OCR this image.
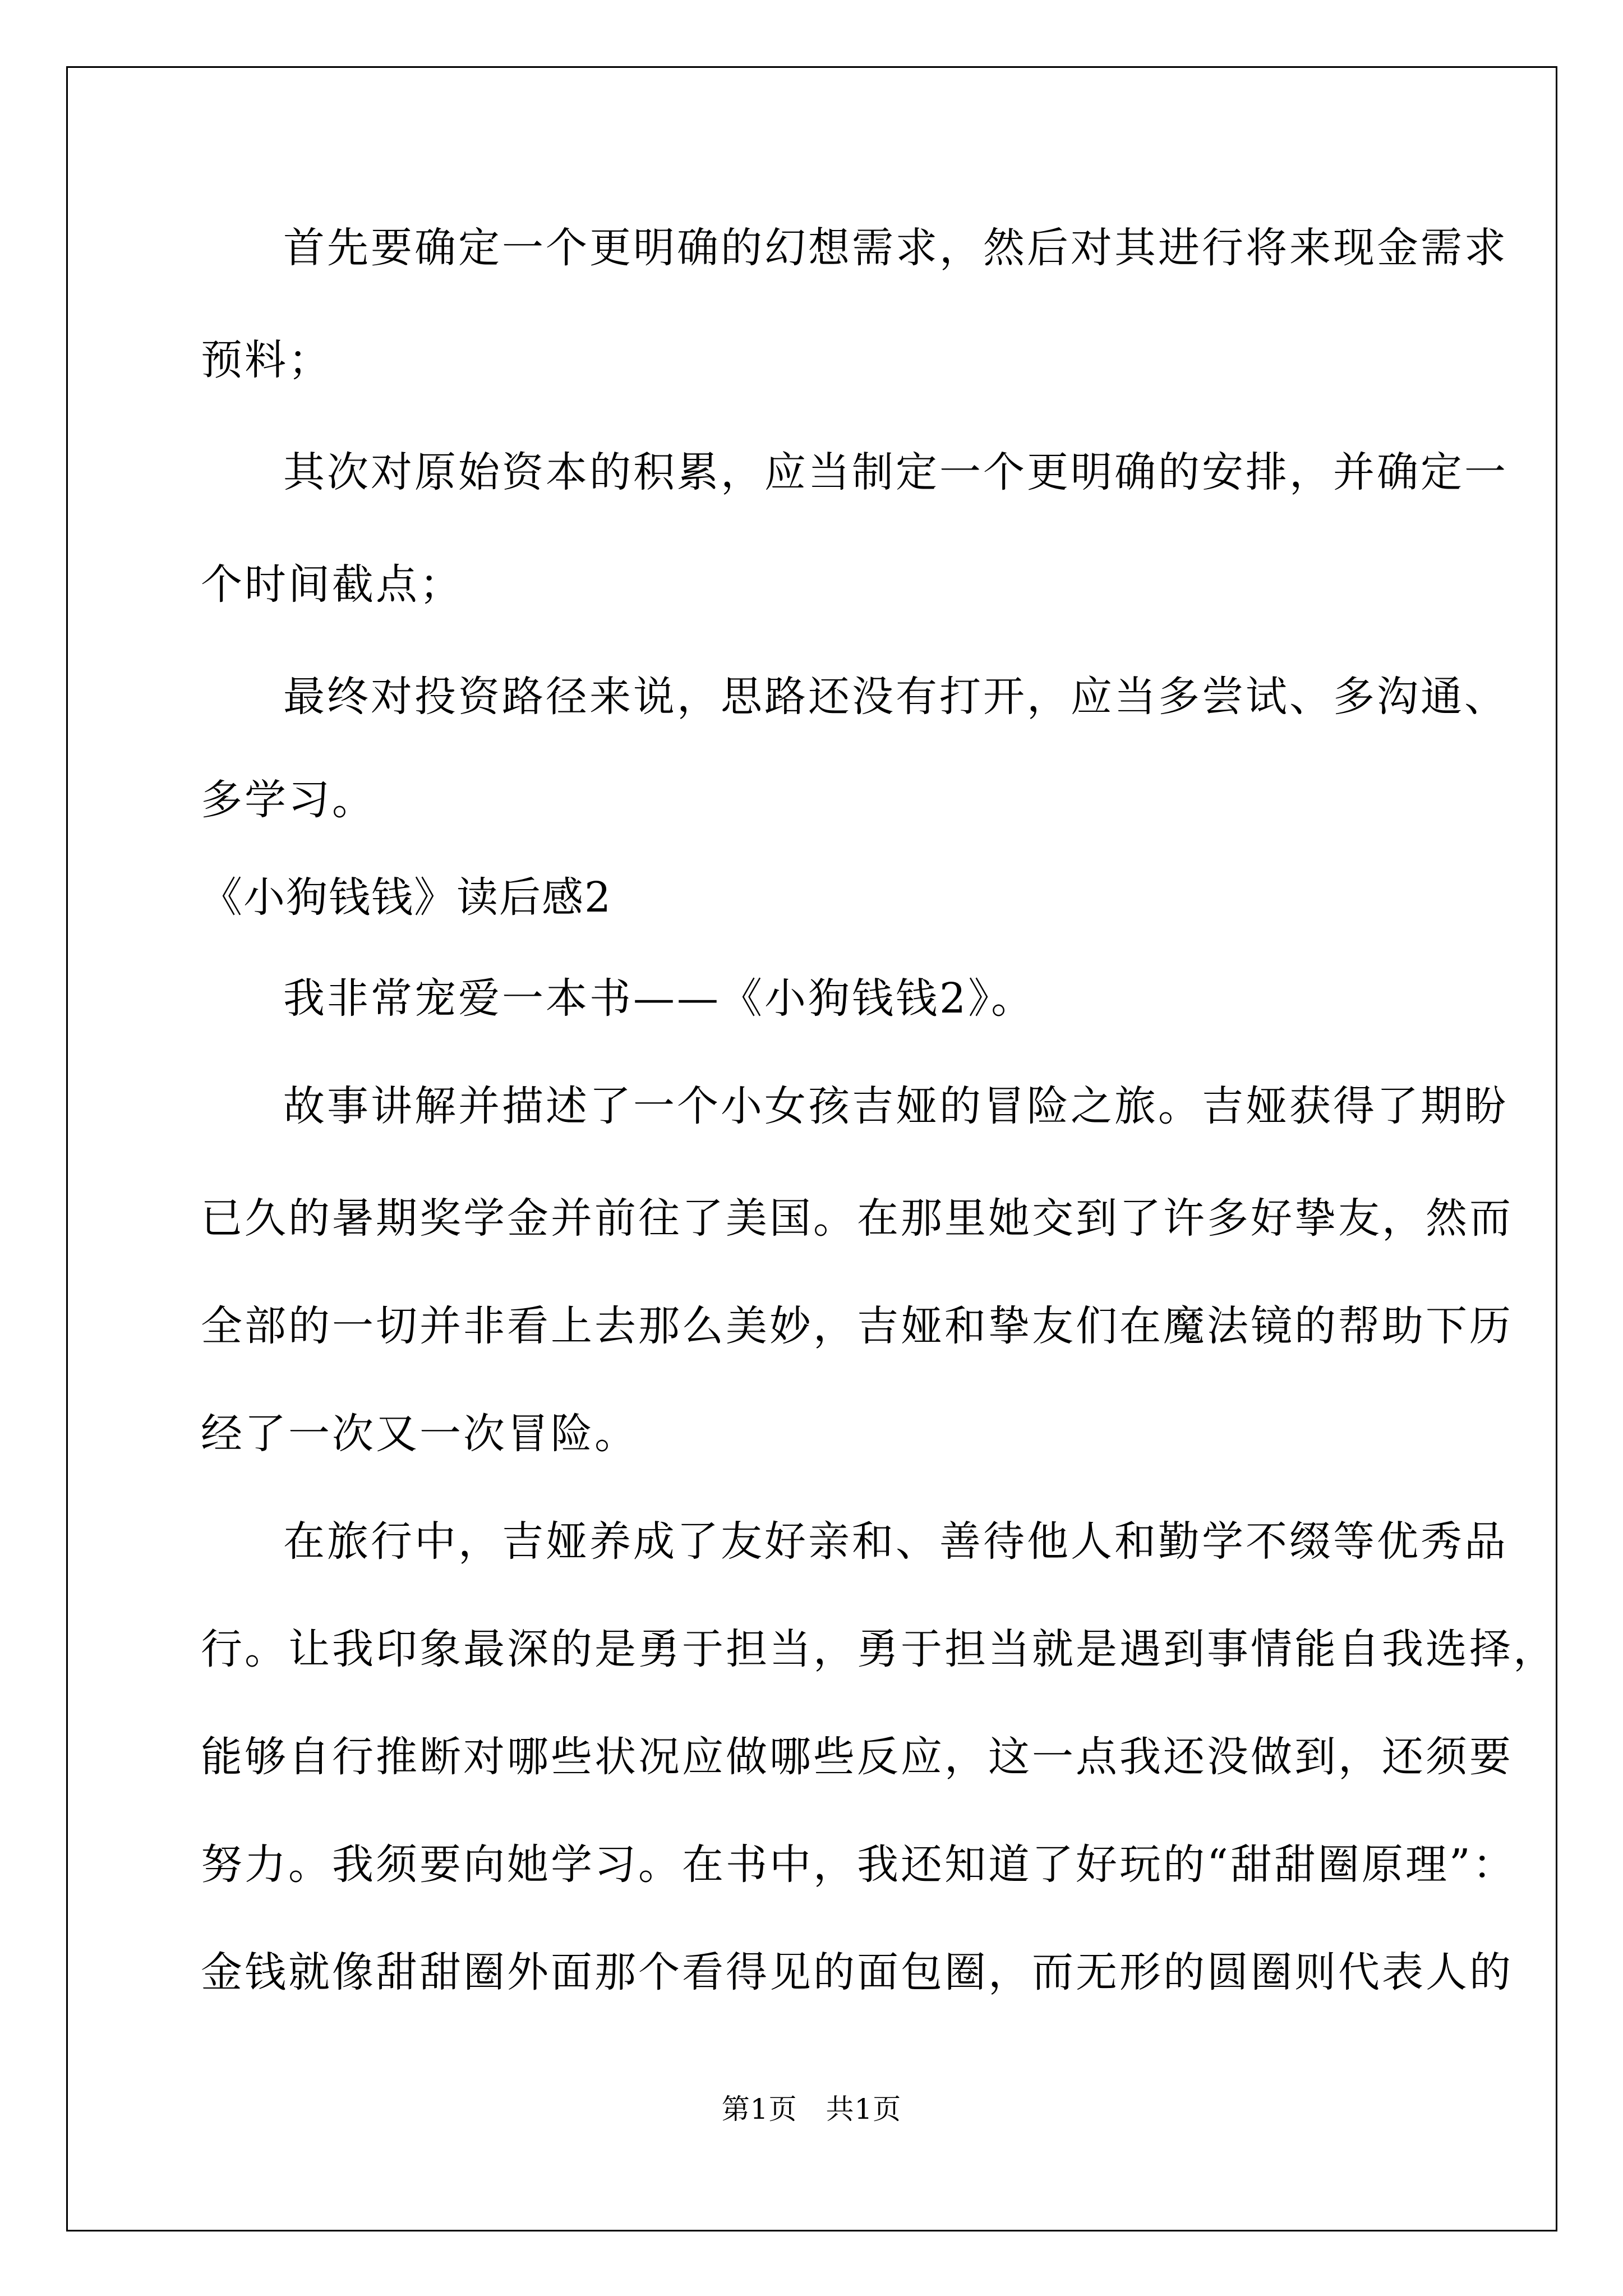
首先要确定一个更明确的幻想需求，然后对其进行将来现金需求
预料；
其次对原始资本的积累，应当制定一个更明确的安排，并确定一
个时间截点；
最终对投资路径来说，思路还没有打开，应当多尝试、多沟通、
多学习。
《小狗钱钱》读后感2
我非常宠爱一本书——《小狗钱钱2》。
故事讲解并描述了一个小女孩吉娅的冒险之旅。吉娅获得了期盼
已久的暑期奖学金并前往了美国。在那里她交到了许多好挚友，然而
全部的一切并非看上去那么美妙，吉娅和挚友们在魔法镜的帮助下历
经了一次又一次冒险。
在旅行中，吉娅养成了友好亲和、善待他人和勤学不缀等优秀品
行。让我印象最深的是勇于担当，勇于担当就是遇到事情能自我选择，
能够自行推断对哪些状况应做哪些反应，这一点我还没做到，还须要
努力。我须要向她学习。在书中，我还知道了好玩的“甜甜圈原理”：
金钱就像甜甜圈外面那个看得见的面包圈，而无形的圆圈则代表人的
第1页　共1页
